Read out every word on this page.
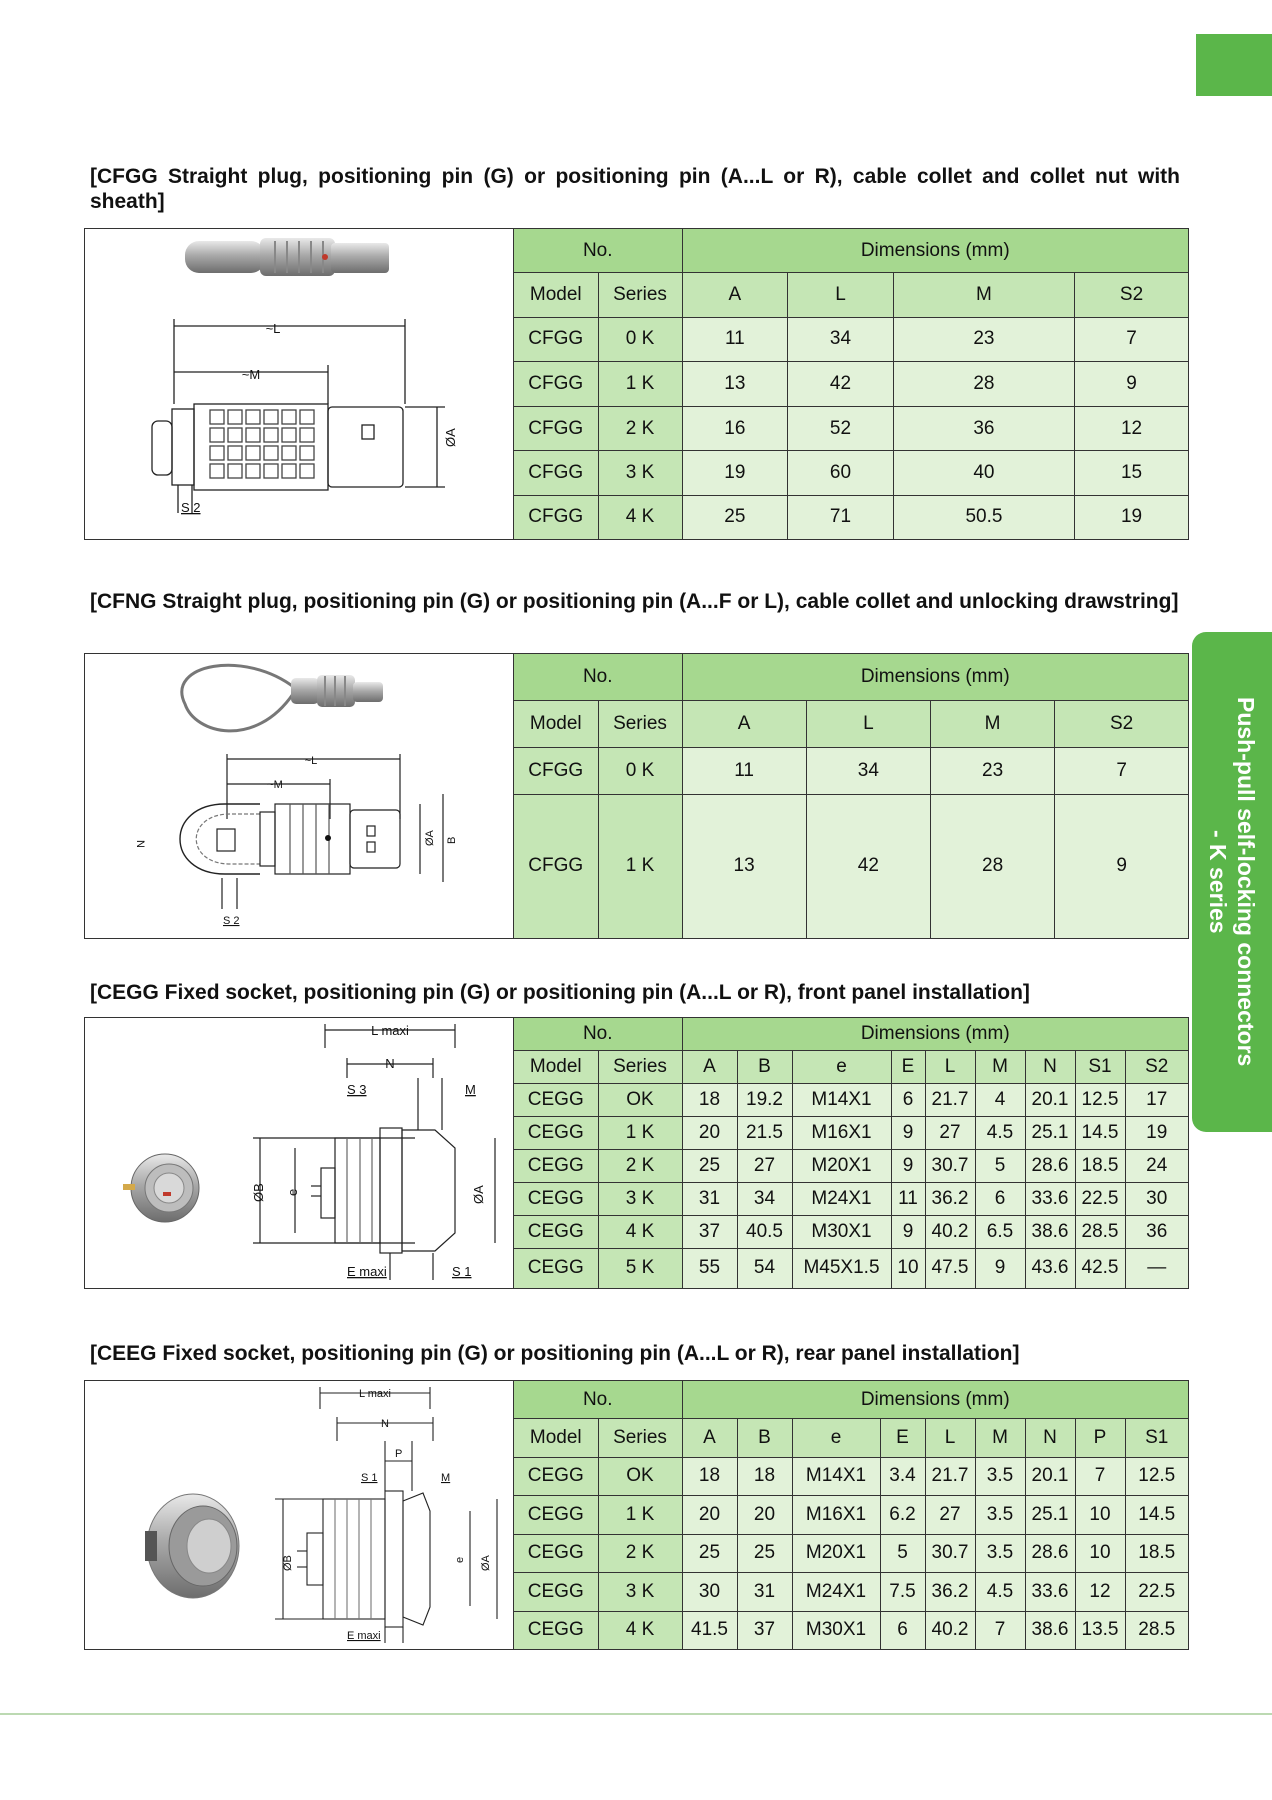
Push-pull self-locking connectors
- K series
[CFGG Straight plug, positioning pin (G) or positioning pin (A...L or R), cable collet and collet nut with sheath]
~L
~M
ØA
S 2
No.		Dimensions (mm)			
Model	Series	A	L	M	S2
CFGG	0 K	11	34	23	7
CFGG	1 K	13	42	28	9
CFGG	2 K	16	52	36	12
CFGG	3 K	19	60	40	15
CFGG	4 K	25	71	50.5	19
[CFNG Straight plug, positioning pin (G) or positioning pin (A...F or L), cable collet and unlocking drawstring]
~L
~M
ØA B
N
S 2
No.		Dimensions (mm)			
Model	Series	A	L	M	S2
CFGG	0 K	11	34	23	7
CFGG	1 K	13	42	28	9
[CEGG Fixed socket, positioning pin (G) or positioning pin (A...L or R), front panel installation]
L maxi
N
S 3	M
ØB e	ØA
E maxi	S 1
No.		Dimensions (mm)								
Model	Series	A	B	e	E	L	M	N	S1	S2
CEGG	OK	18	19.2	M14X1	6	21.7	4	20.1	12.5	17
CEGG	1 K	20	21.5	M16X1	9	27	4.5	25.1	14.5	19
CEGG	2 K	25	27	M20X1	9	30.7	5	28.6	18.5	24
CEGG	3 K	31	34	M24X1	11	36.2	6	33.6	22.5	30
CEGG	4 K	37	40.5	M30X1	9	40.2	6.5	38.6	28.5	36
CEGG	5 K	55	54	M45X1.5	10	47.5	9	43.6	42.5	—
[CEEG Fixed socket, positioning pin (G) or positioning pin (A...L or R), rear panel installation]
L maxi
N
P
S 1	M
ØB	e ØA
E maxi
No.		Dimensions (mm)								
Model	Series	A	B	e	E	L	M	N	P	S1
CEGG	OK	18	18	M14X1	3.4	21.7	3.5	20.1	7	12.5
CEGG	1 K	20	20	M16X1	6.2	27	3.5	25.1	10	14.5
CEGG	2 K	25	25	M20X1	5	30.7	3.5	28.6	10	18.5
CEGG	3 K	30	31	M24X1	7.5	36.2	4.5	33.6	12	22.5
CEGG	4 K	41.5	37	M30X1	6	40.2	7	38.6	13.5	28.5
